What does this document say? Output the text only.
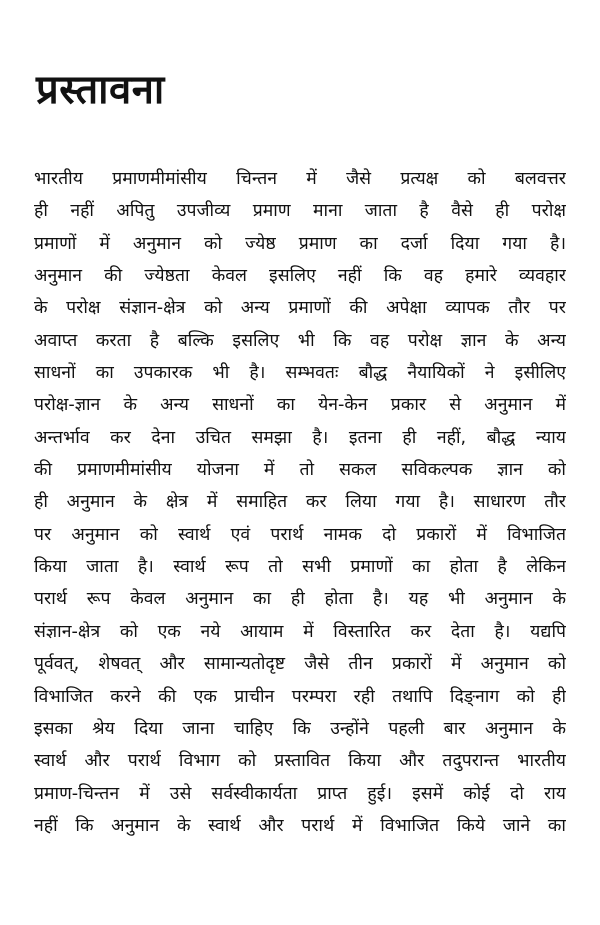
प्रस्तावना
भारतीय प्रमाणमीमांसीय चिन्तन में जैसे प्रत्यक्ष को बलवत्तर
ही नहीं अपितु उपजीव्य प्रमाण माना जाता है वैसे ही परोक्ष
प्रमाणों में अनुमान को ज्येष्ठ प्रमाण का दर्जा दिया गया है।
अनुमान की ज्येष्ठता केवल इसलिए नहीं कि वह हमारे व्यवहार
के परोक्ष संज्ञान-क्षेत्र को अन्य प्रमाणों की अपेक्षा व्यापक तौर पर
अवाप्त करता है बल्कि इसलिए भी कि वह परोक्ष ज्ञान के अन्य
साधनों का उपकारक भी है। सम्भवतः बौद्ध नैयायिकों ने इसीलिए
परोक्ष-ज्ञान के अन्य साधनों का येन-केन प्रकार से अनुमान में
अन्तर्भाव कर देना उचित समझा है। इतना ही नहीं, बौद्ध न्याय
की प्रमाणमीमांसीय योजना में तो सकल सविकल्पक ज्ञान को
ही अनुमान के क्षेत्र में समाहित कर लिया गया है। साधारण तौर
पर अनुमान को स्वार्थ एवं परार्थ नामक दो प्रकारों में विभाजित
किया जाता है। स्वार्थ रूप तो सभी प्रमाणों का होता है लेकिन
परार्थ रूप केवल अनुमान का ही होता है। यह भी अनुमान के
संज्ञान-क्षेत्र को एक नये आयाम में विस्तारित कर देता है। यद्यपि
पूर्ववत्, शेषवत् और सामान्यतोदृष्ट जैसे तीन प्रकारों में अनुमान को
विभाजित करने की एक प्राचीन परम्परा रही तथापि दिङ्नाग को ही
इसका श्रेय दिया जाना चाहिए कि उन्होंने पहली बार अनुमान के
स्वार्थ और परार्थ विभाग को प्रस्तावित किया और तदुपरान्त भारतीय
प्रमाण-चिन्तन में उसे सर्वस्वीकार्यता प्राप्त हुई। इसमें कोई दो राय
नहीं कि अनुमान के स्वार्थ और परार्थ में विभाजित किये जाने का
